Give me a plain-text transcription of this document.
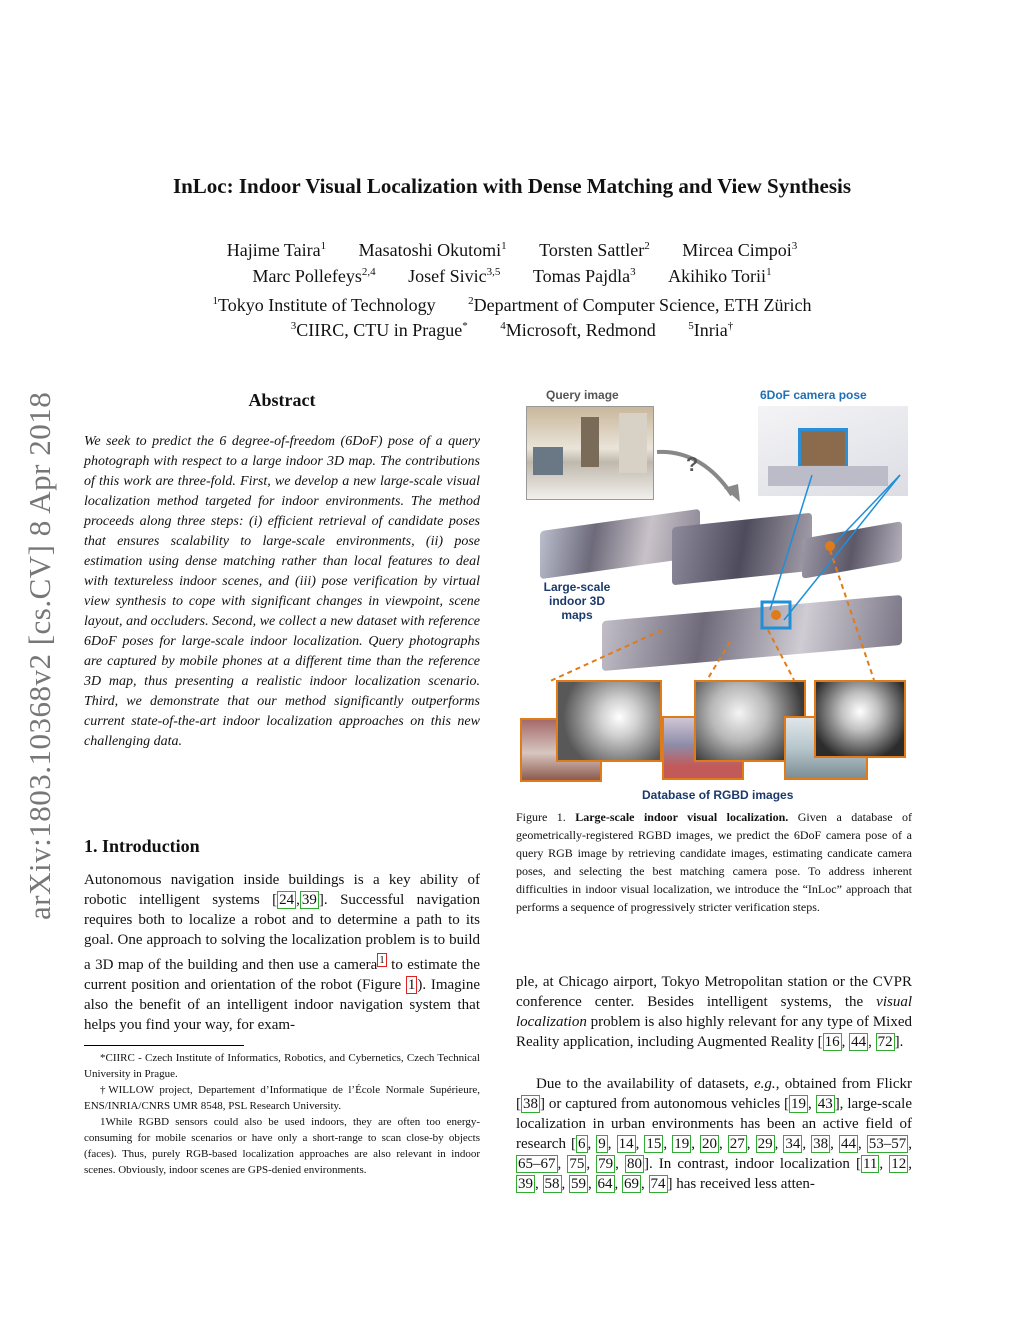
InLoc: Indoor Visual Localization with Dense Matching and View Synthesis
Hajime Taira$^1$ Masatoshi Okutomi$^1$ Torsten Sattler$^2$ Mircea Cimpoi$^3$
Marc Pollefeys$^{2,4}$ Josef Sivic$^{3,5}$ Tomas Pajdla$^3$ Akihiko Torii$^1$
$^1$Tokyo Institute of Technology	$^2$Department of Computer Science, ETH Zürich
$^3$CIIRC, CTU in Prague*	$^4$Microsoft, Redmond	$^5$Inria†
arXiv:1803.10368v2 [cs.CV] 8 Apr 2018	Abstract
We seek to predict the 6 degree-of-freedom (6DoF) pose of a query photograph with respect to a large indoor 3D map. The contributions of this work are three-fold. First, we develop a new large-scale visual localization method targeted for indoor environments. The method proceeds along three steps: (i) efficient retrieval of candidate poses that ensures scalability to large-scale environments, (ii) pose estimation using dense matching rather than local features to deal with textureless indoor scenes, and (iii) pose verification by virtual view synthesis to cope with significant changes in viewpoint, scene layout, and occluders. Second, we collect a new dataset with reference 6DoF poses for large-scale indoor localization. Query photographs are captured by mobile phones at a different time than the reference 3D map, thus presenting a realistic indoor localization scenario. Third, we demonstrate that our method significantly outperforms current state-of-the-art indoor localization approaches on this new challenging data.
1. Introduction
Autonomous navigation inside buildings is a key ability of robotic intelligent systems [ 24 , 39 ]. Successful navigation requires both to localize a robot and to determine a path to its goal. One approach to solving the localization problem is to build a 3D map of the building and then use a camera $^1$ to estimate the current position and orientation of the robot (Figure 1 ). Imagine also the benefit of an intelligent indoor navigation system that helps you find your way, for exam-

*CIIRC - Czech Institute of Informatics, Robotics, and Cybernetics, Czech Technical University in Prague.

†WILLOW project, Departement d’Informatique de l’École Normale Supérieure, ENS/INRIA/CNRS UMR 8548, PSL Research University.

1While RGBD sensors could also be used indoors, they are often too energy-consuming for mobile scenarios or have only a short-range to scan close-by objects (faces). Thus, purely RGB-based localization approaches are also relevant in indoor scenes. Obviously, indoor scenes are GPS-denied environments.

Query image	6DoF camera pose
?
Large-scale
indoor 3D maps
Database of RGBD images
Figure 1. Large-scale indoor visual localization. Given a database of geometrically-registered RGBD images, we predict the 6DoF camera pose of a query RGB image by retrieving candidate images, estimating candicate camera poses, and selecting the best matching camera pose. To address inherent difficulties in indoor visual localization, we introduce the “InLoc” approach that performs a sequence of progressively stricter verification steps.
ple, at Chicago airport, Tokyo Metropolitan station or the CVPR conference center. Besides intelligent systems, the visual localization problem is also highly relevant for any type of Mixed Reality application, including Augmented Reality [ 16 , 44 , 72 ].
Due to the availability of datasets, e.g., obtained from Flickr [ 38 ] or captured from autonomous vehicles [ 19 , 43 ], large-scale localization in urban environments has been an active field of research [ 6 , 9 , 14 , 15 , 19 , 20 , 27 , 29 , 34 , 38 , 44 , 53–57 , 65–67 , 75 , 79 , 80 ]. In contrast, indoor localization [ 11 , 12 , 39 , 58 , 59 , 64 , 69 , 74 ] has received less atten-
